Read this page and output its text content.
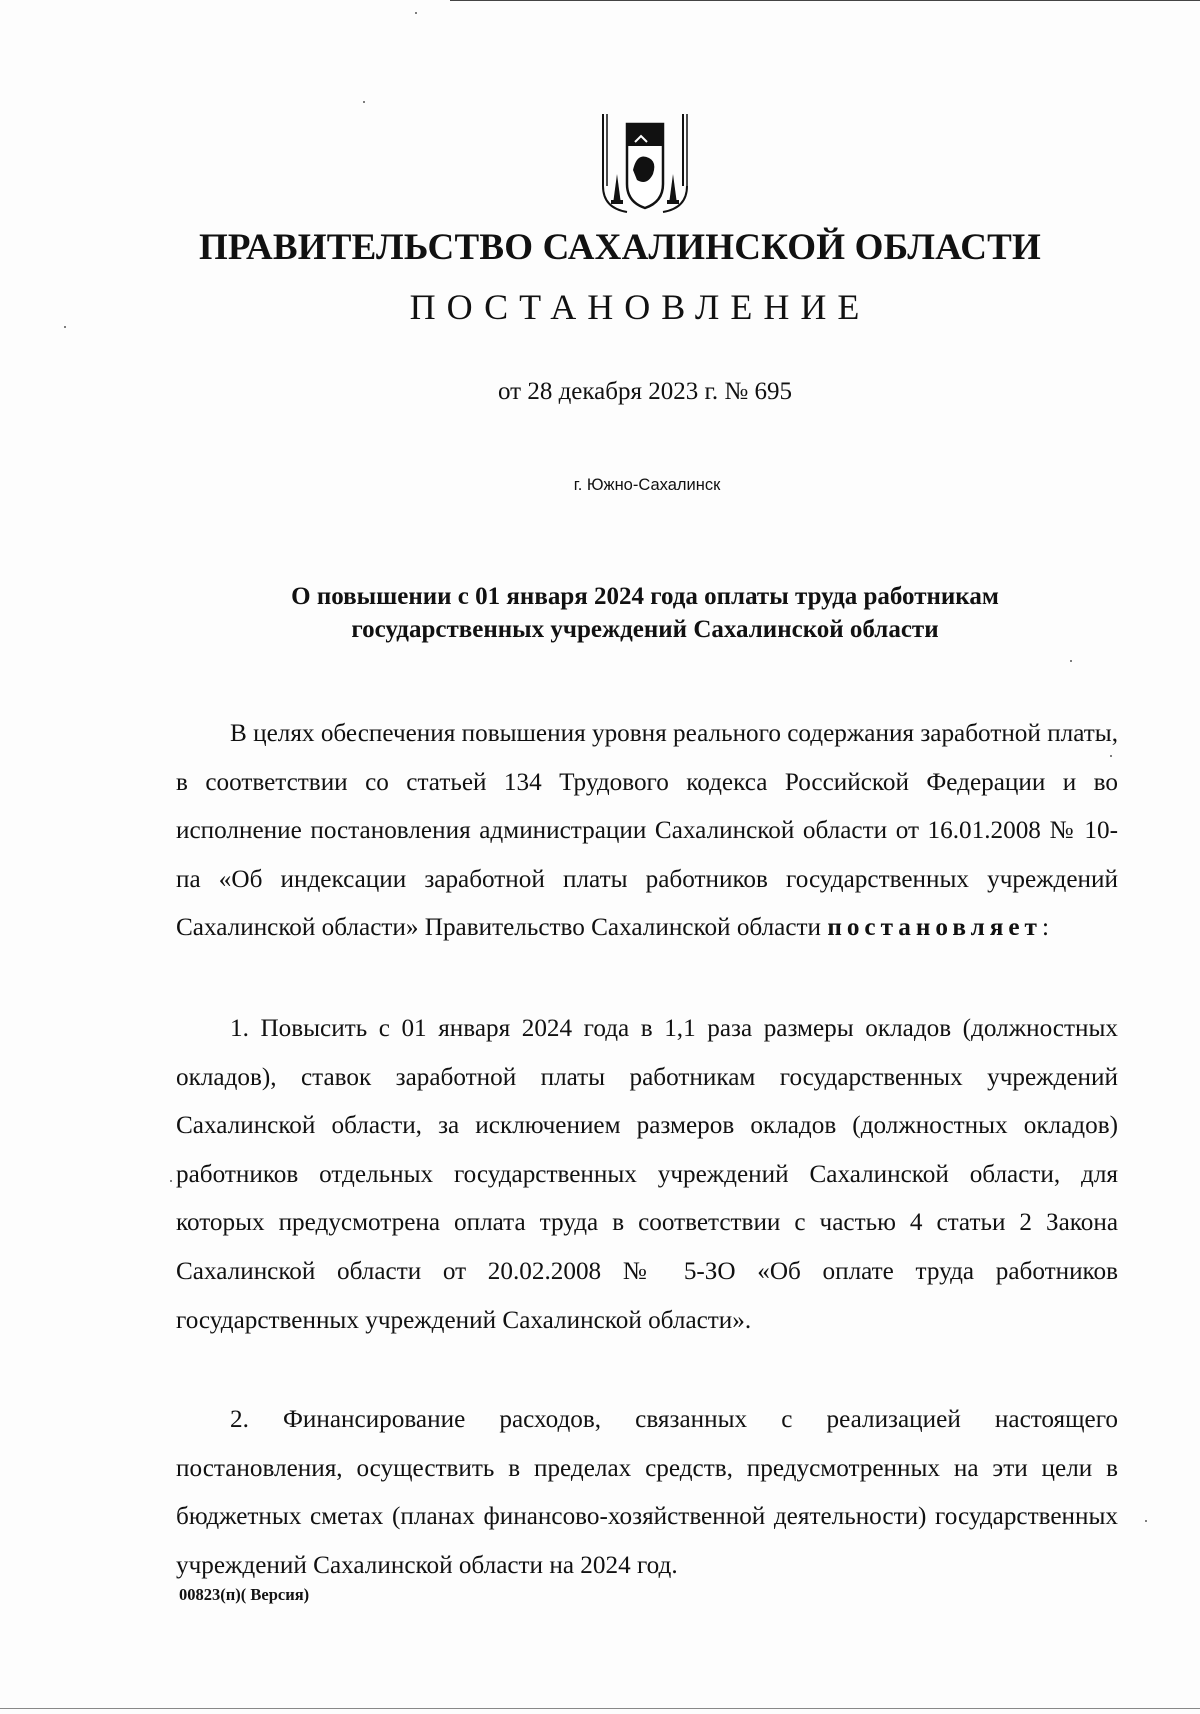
ПРАВИТЕЛЬСТВО САХАЛИНСКОЙ ОБЛАСТИ
ПОСТАНОВЛЕНИЕ
от 28 декабря 2023 г. № 695
г. Южно-Сахалинск
О повышении с 01 января 2024 года оплаты труда работникам
государственных учреждений Сахалинской области
В целях обеспечения повышения уровня реального содержания заработной платы, в соответствии со статьей 134 Трудового кодекса Российской Федерации и во исполнение постановления администрации Сахалинской области от 16.01.2008 № 10-па «Об индексации заработной платы работников государственных учреждений Сахалинской области» Правительство Сахалинской области постановляет:
1. Повысить с 01 января 2024 года в 1,1 раза размеры окладов (должностных окладов), ставок заработной платы работникам государственных учреждений Сахалинской области, за исключением размеров окладов (должностных окладов) работников отдельных государственных учреждений Сахалинской области, для которых предусмотрена оплата труда в соответствии с частью 4 статьи 2 Закона Сахалинской области от 20.02.2008 № 5-ЗО «Об оплате труда работников государственных учреждений Сахалинской области».
2. Финансирование расходов, связанных с реализацией настоящего постановления, осуществить в пределах средств, предусмотренных на эти цели в бюджетных сметах (планах финансово-хозяйственной деятельности) государственных учреждений Сахалинской области на 2024 год.
00823(п)( Версия)
